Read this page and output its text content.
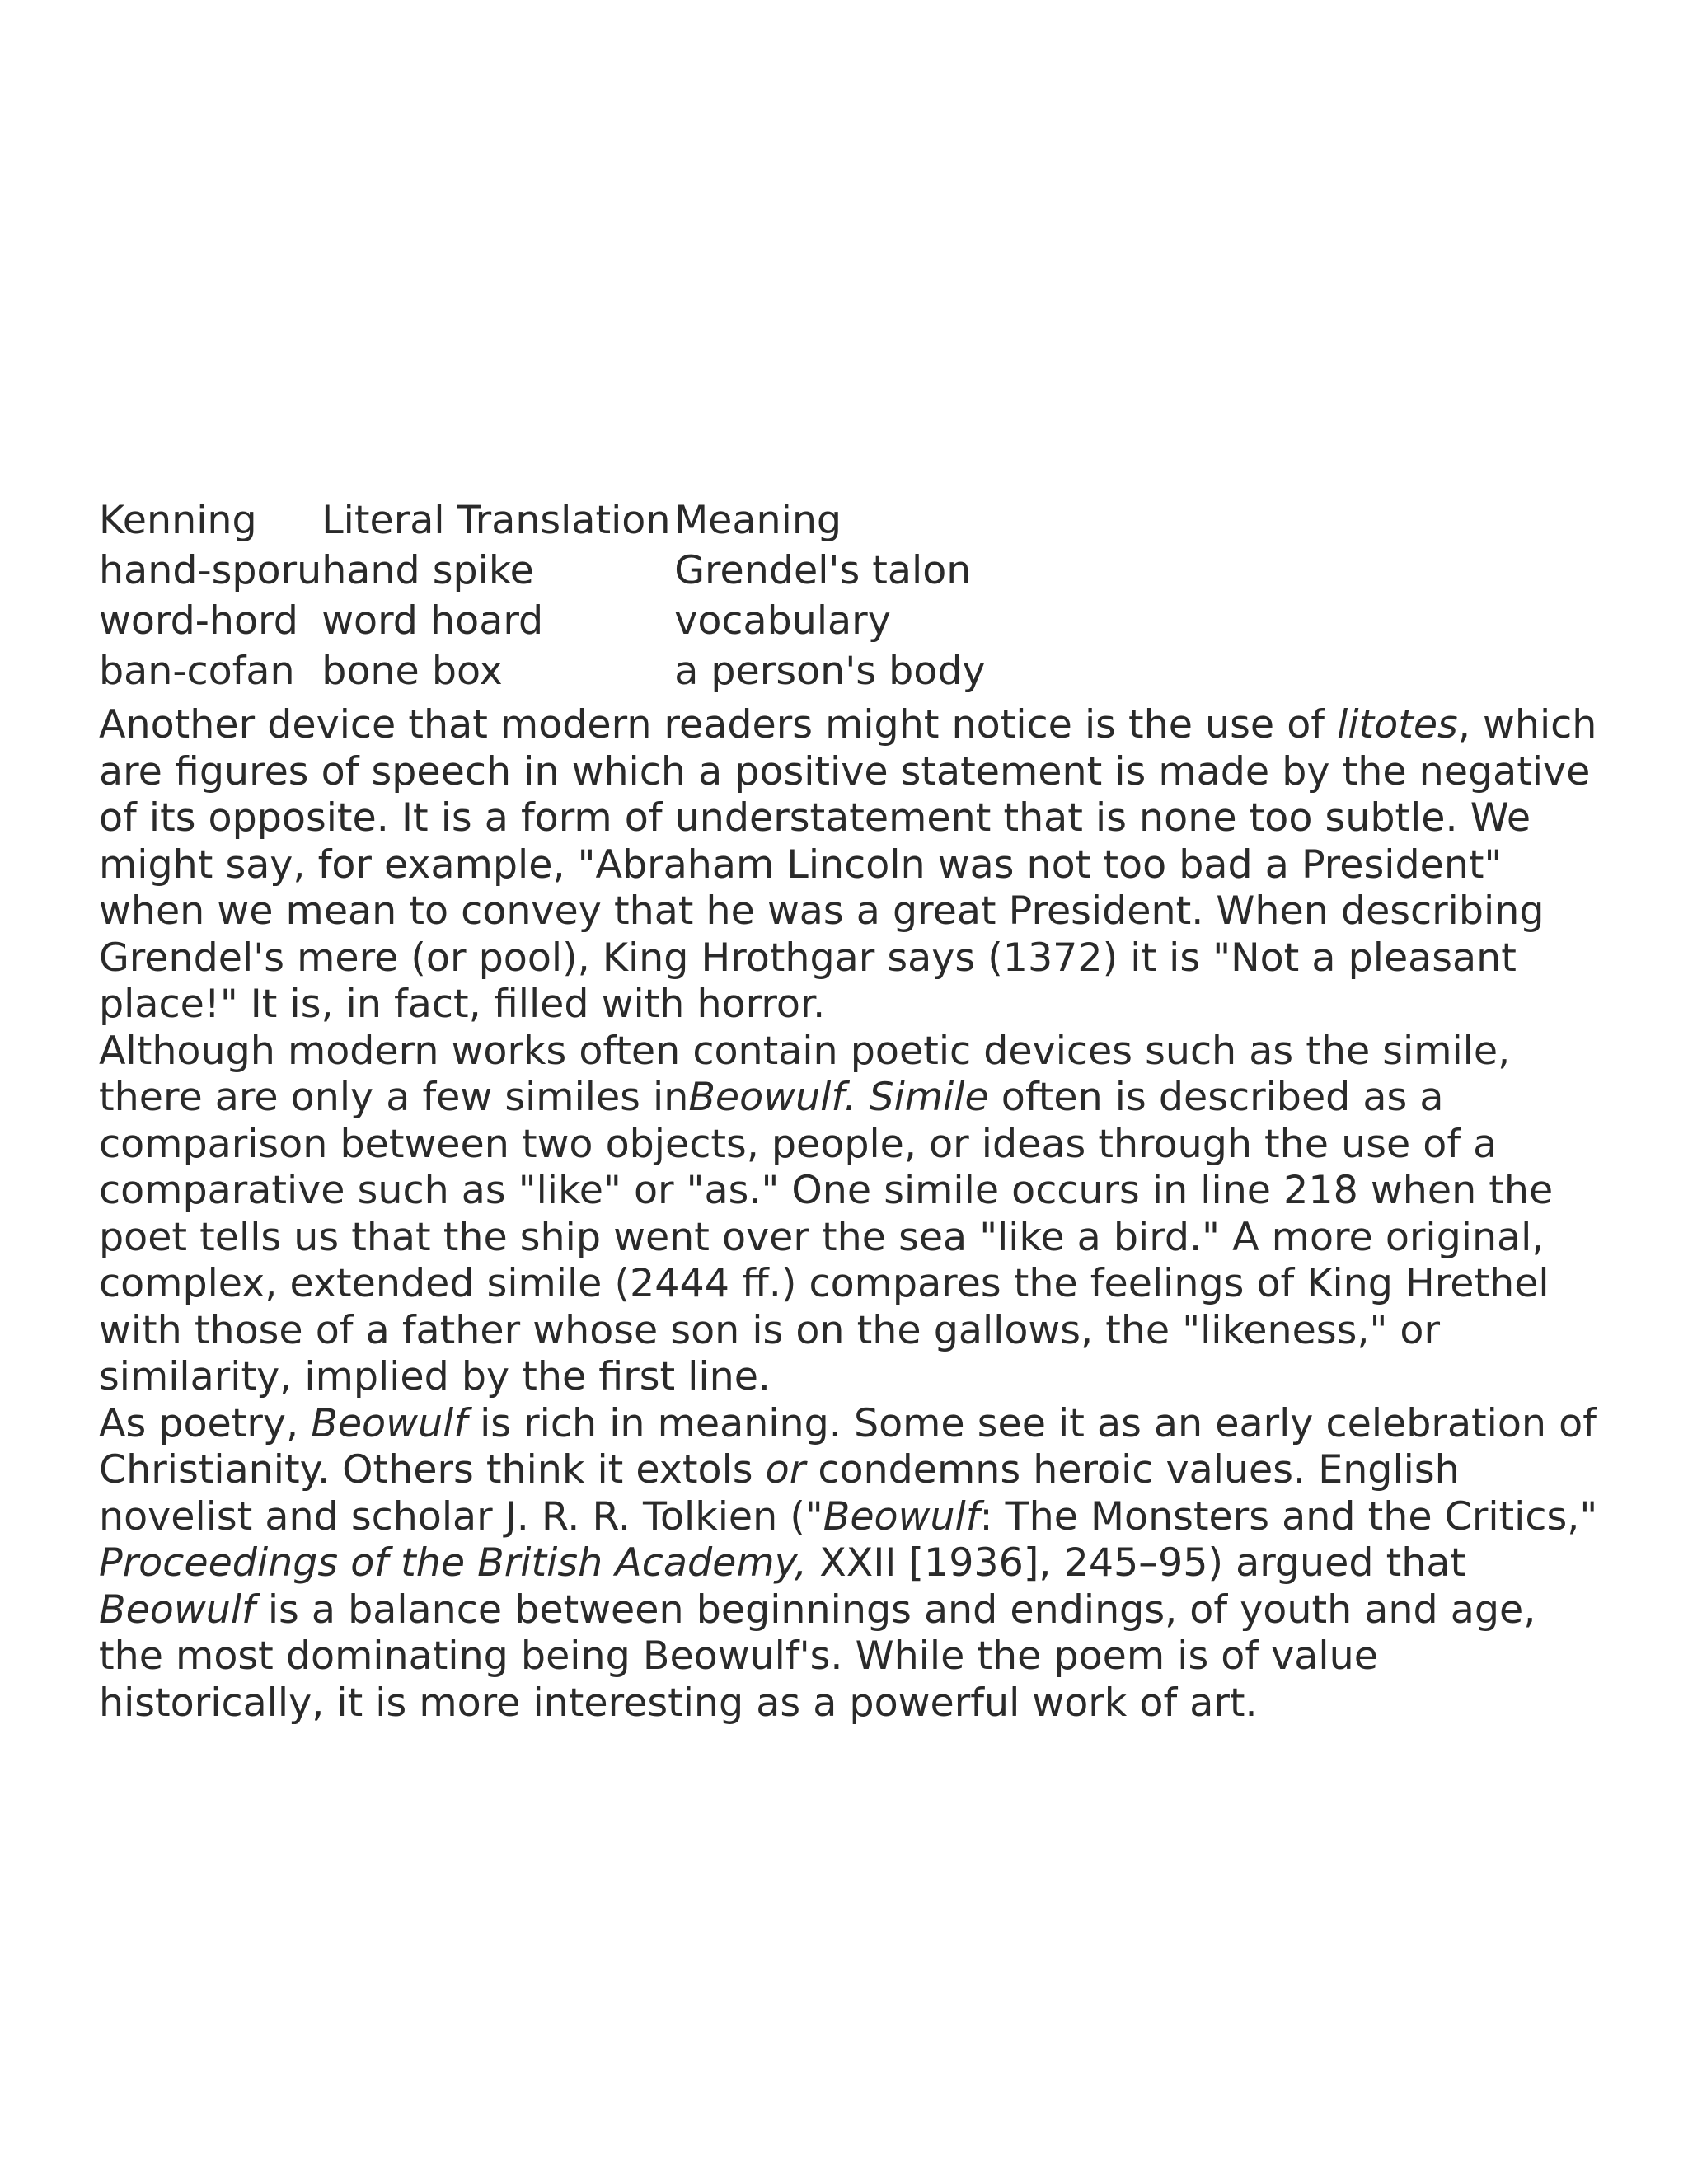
Kenning	Literal Translation	Meaning
hand-sporu	hand spike	Grendel's talon
word-hord	word hoard	vocabulary
ban-cofan	bone box	a person's body

Another device that modern readers might notice is the use of litotes, which are figures of speech in which a positive statement is made by the negative of its opposite. It is a form of understatement that is none too subtle. We might say, for example, "Abraham Lincoln was not too bad a President" when we mean to convey that he was a great President. When describing Grendel's mere (or pool), King Hrothgar says (1372) it is "Not a pleasant place!" It is, in fact, filled with horror.

Although modern works often contain poetic devices such as the simile, there are only a few similes inBeowulf. Simile often is described as a comparison between two objects, people, or ideas through the use of a comparative such as "like" or "as." One simile occurs in line 218 when the poet tells us that the ship went over the sea "like a bird." A more original, complex, extended simile (2444 ff.) compares the feelings of King Hrethel with those of a father whose son is on the gallows, the "likeness," or similarity, implied by the first line.

As poetry, Beowulf is rich in meaning. Some see it as an early celebration of Christianity. Others think it extols or condemns heroic values. English novelist and scholar J. R. R. Tolkien ("Beowulf: The Monsters and the Critics," Proceedings of the British Academy, XXII [1936], 245–95) argued that Beowulf is a balance between beginnings and endings, of youth and age, the most dominating being Beowulf's. While the poem is of value historically, it is more interesting as a powerful work of art.
